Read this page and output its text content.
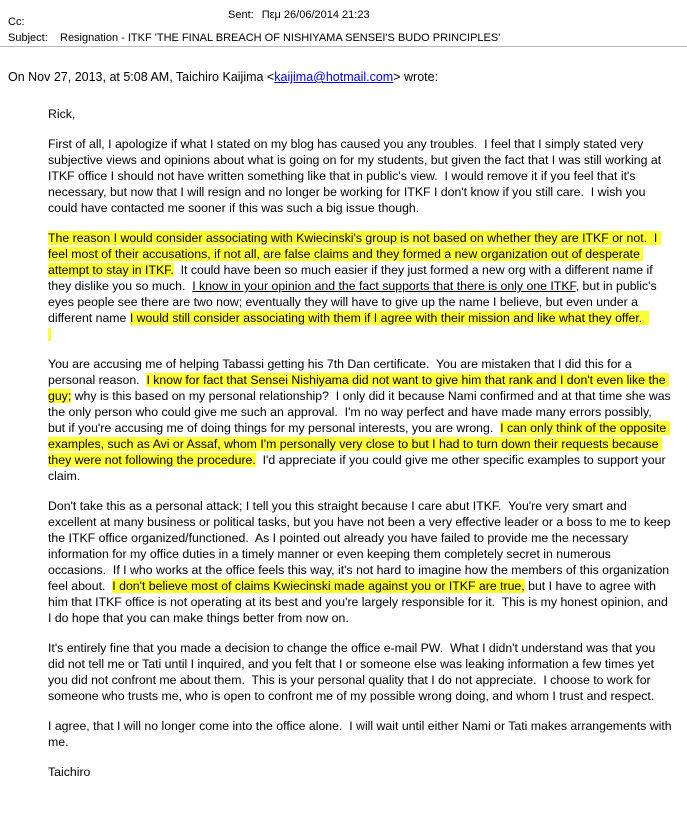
Sent: Πεμ 26/06/2014 21:23
Cc:
Subject: Resignation - ITKF 'THE FINAL BREACH OF NISHIYAMA SENSEI'S BUDO PRINCIPLES'
On Nov 27, 2013, at 5:08 AM, Taichiro Kaijima <kaijima@hotmail.com> wrote:

Rick,

First of all, I apologize if what I stated on my blog has caused you any troubles.  I feel that I simply stated very subjective views and opinions about what is going on for my students, but given the fact that I was still working at ITKF office I should not have written something like that in public's view.  I would remove it if you feel that it's necessary, but now that I will resign and no longer be working for ITKF I don't know if you still care.  I wish you could have contacted me sooner if this was such a big issue though.

The reason I would consider associating with Kwiecinski's group is not based on whether they are ITKF or not.  I feel most of their accusations, if not all, are false claims and they formed a new organization out of desperate attempt to stay in ITKF.  It could have been so much easier if they just formed a new org with a different name if they dislike you so much.  I know in your opinion and the fact supports that there is only one ITKF, but in public's eyes people see there are two now; eventually they will have to give up the name I believe, but even under a different name I would still consider associating with them if I agree with their mission and like what they offer.

You are accusing me of helping Tabassi getting his 7th Dan certificate.  You are mistaken that I did this for a personal reason.  I know for fact that Sensei Nishiyama did not want to give him that rank and I don't even like the guy; why is this based on my personal relationship?  I only did it because Nami confirmed and at that time she was the only person who could give me such an approval.  I'm no way perfect and have made many errors possibly, but if you're accusing me of doing things for my personal interests, you are wrong.  I can only think of the opposite examples, such as Avi or Assaf, whom I'm personally very close to but I had to turn down their requests because they were not following the procedure.  I'd appreciate if you could give me other specific examples to support your claim.

Don't take this as a personal attack; I tell you this straight because I care abut ITKF.  You're very smart and excellent at many business or political tasks, but you have not been a very effective leader or a boss to me to keep the ITKF office organized/functioned.  As I pointed out already you have failed to provide me the necessary information for my office duties in a timely manner or even keeping them completely secret in numerous occasions.  If I who works at the office feels this way, it's not hard to imagine how the members of this organization feel about.  I don't believe most of claims Kwiecinski made against you or ITKF are true, but I have to agree with him that ITKF office is not operating at its best and you're largely responsible for it.  This is my honest opinion, and I do hope that you can make things better from now on.

It's entirely fine that you made a decision to change the office e-mail PW.  What I didn't understand was that you did not tell me or Tati until I inquired, and you felt that I or someone else was leaking information a few times yet you did not confront me about them.  This is your personal quality that I do not appreciate.  I choose to work for someone who trusts me, who is open to confront me of my possible wrong doing, and whom I trust and respect.

I agree, that I will no longer come into the office alone.  I will wait until either Nami or Tati makes arrangements with me.

Taichiro
